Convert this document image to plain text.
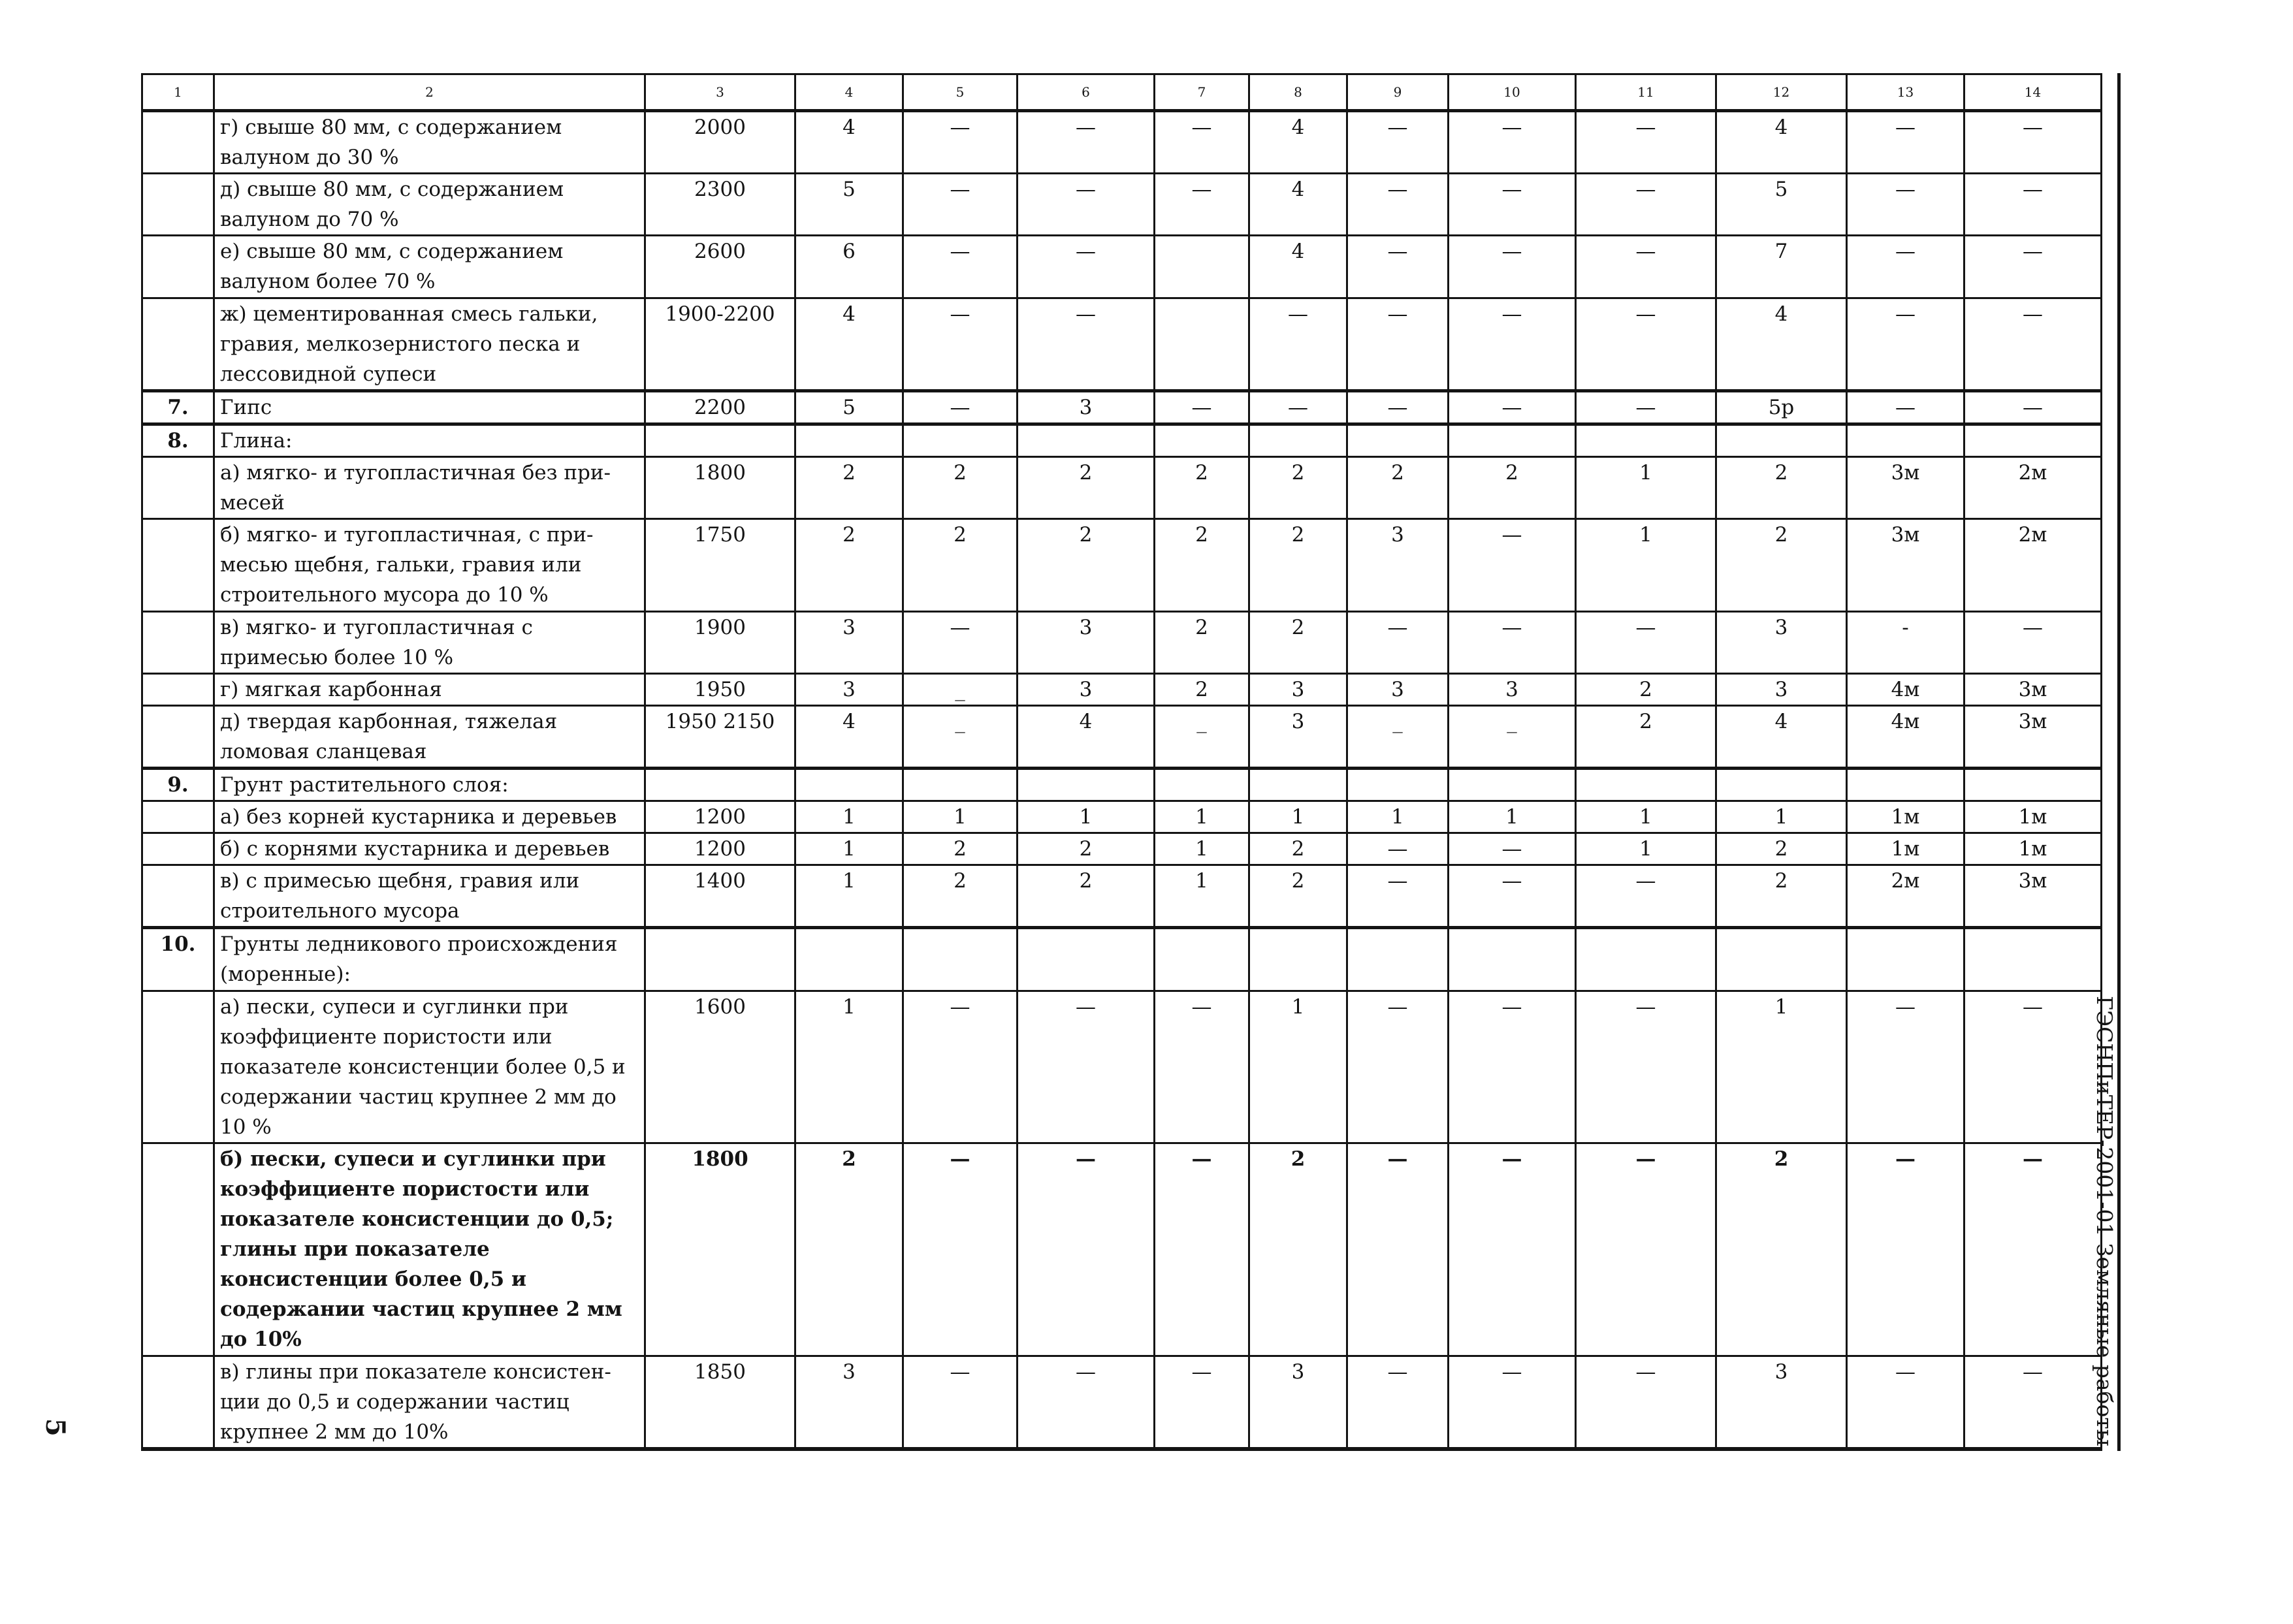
1	2	3	4	5	6	7	8	9	10	11	12	13	14
	г) свыше 80 мм, с содержанием валуном до 30 %	2000	4	—	—	—	4	—	—	—	4	—	—
	д) свыше 80 мм, с содержанием валуном до 70 %	2300	5	—	—	—	4	—	—	—	5	—	—
	е) свыше 80 мм, с содержанием валуном более 70 %	2600	6	—	—		4	—	—	—	7	—	—
	ж) цементированная смесь гальки, гравия, мелкозернистого песка и лессовидной супеси	1900-2200	4	—	—		—	—	—	—	4	—	—
7.	Гипс	2200	5	—	3	—	—	—	—	—	5р	—	—
8.	Глина:												
	а) мягко- и тугопластичная без при-месей	1800	2	2	2	2	2	2	2	1	2	3м	2м
	б) мягко- и тугопластичная, с при-месью щебня, гальки, гравия или строительного мусора до 10 %	1750	2	2	2	2	2	3	—	1	2	3м	2м
	в) мягко- и тугопластичная с примесью более 10 %	1900	3	—	3	2	2	—	—	—	3	-	—
	г) мягкая карбонная	1950	3	_	3	2	3	3	3	2	3	4м	3м
	д) твердая карбонная, тяжелая ломовая сланцевая	1950 2150	4	_	4	_	3	_	_	2	4	4м	3м
9.	Грунт растительного слоя:												
	а) без корней кустарника и деревьев	1200	1	1	1	1	1	1	1	1	1	1м	1м
	б) с корнями кустарника и деревьев	1200	1	2	2	1	2	—	—	1	2	1м	1м
	в) с примесью щебня, гравия или строительного мусора	1400	1	2	2	1	2	—	—	—	2	2м	3м
10.	Грунты ледникового происхождения (моренные):												
	а) пески, супеси и суглинки при коэффициенте пористости или показателе консистенции более 0,5 и содержании частиц крупнее 2 мм до 10 %	1600	1	—	—	—	1	—	—	—	1	—	—
	б) пески, супеси и суглинки при коэффициенте пористости или показателе консистенции до 0,5; глины при показателе консистенции более 0,5 и содержании частиц крупнее 2 мм до 10%	1800	2	—	—	—	2	—	—	—	2	—	—
	в) глины при показателе консистен-ции до 0,5 и содержании частиц крупнее 2 мм до 10%	1850	3	—	—	—	3	—	—	—	3	—	— ГЭСНПиТЕР-2001-01 Земляные работы
5
